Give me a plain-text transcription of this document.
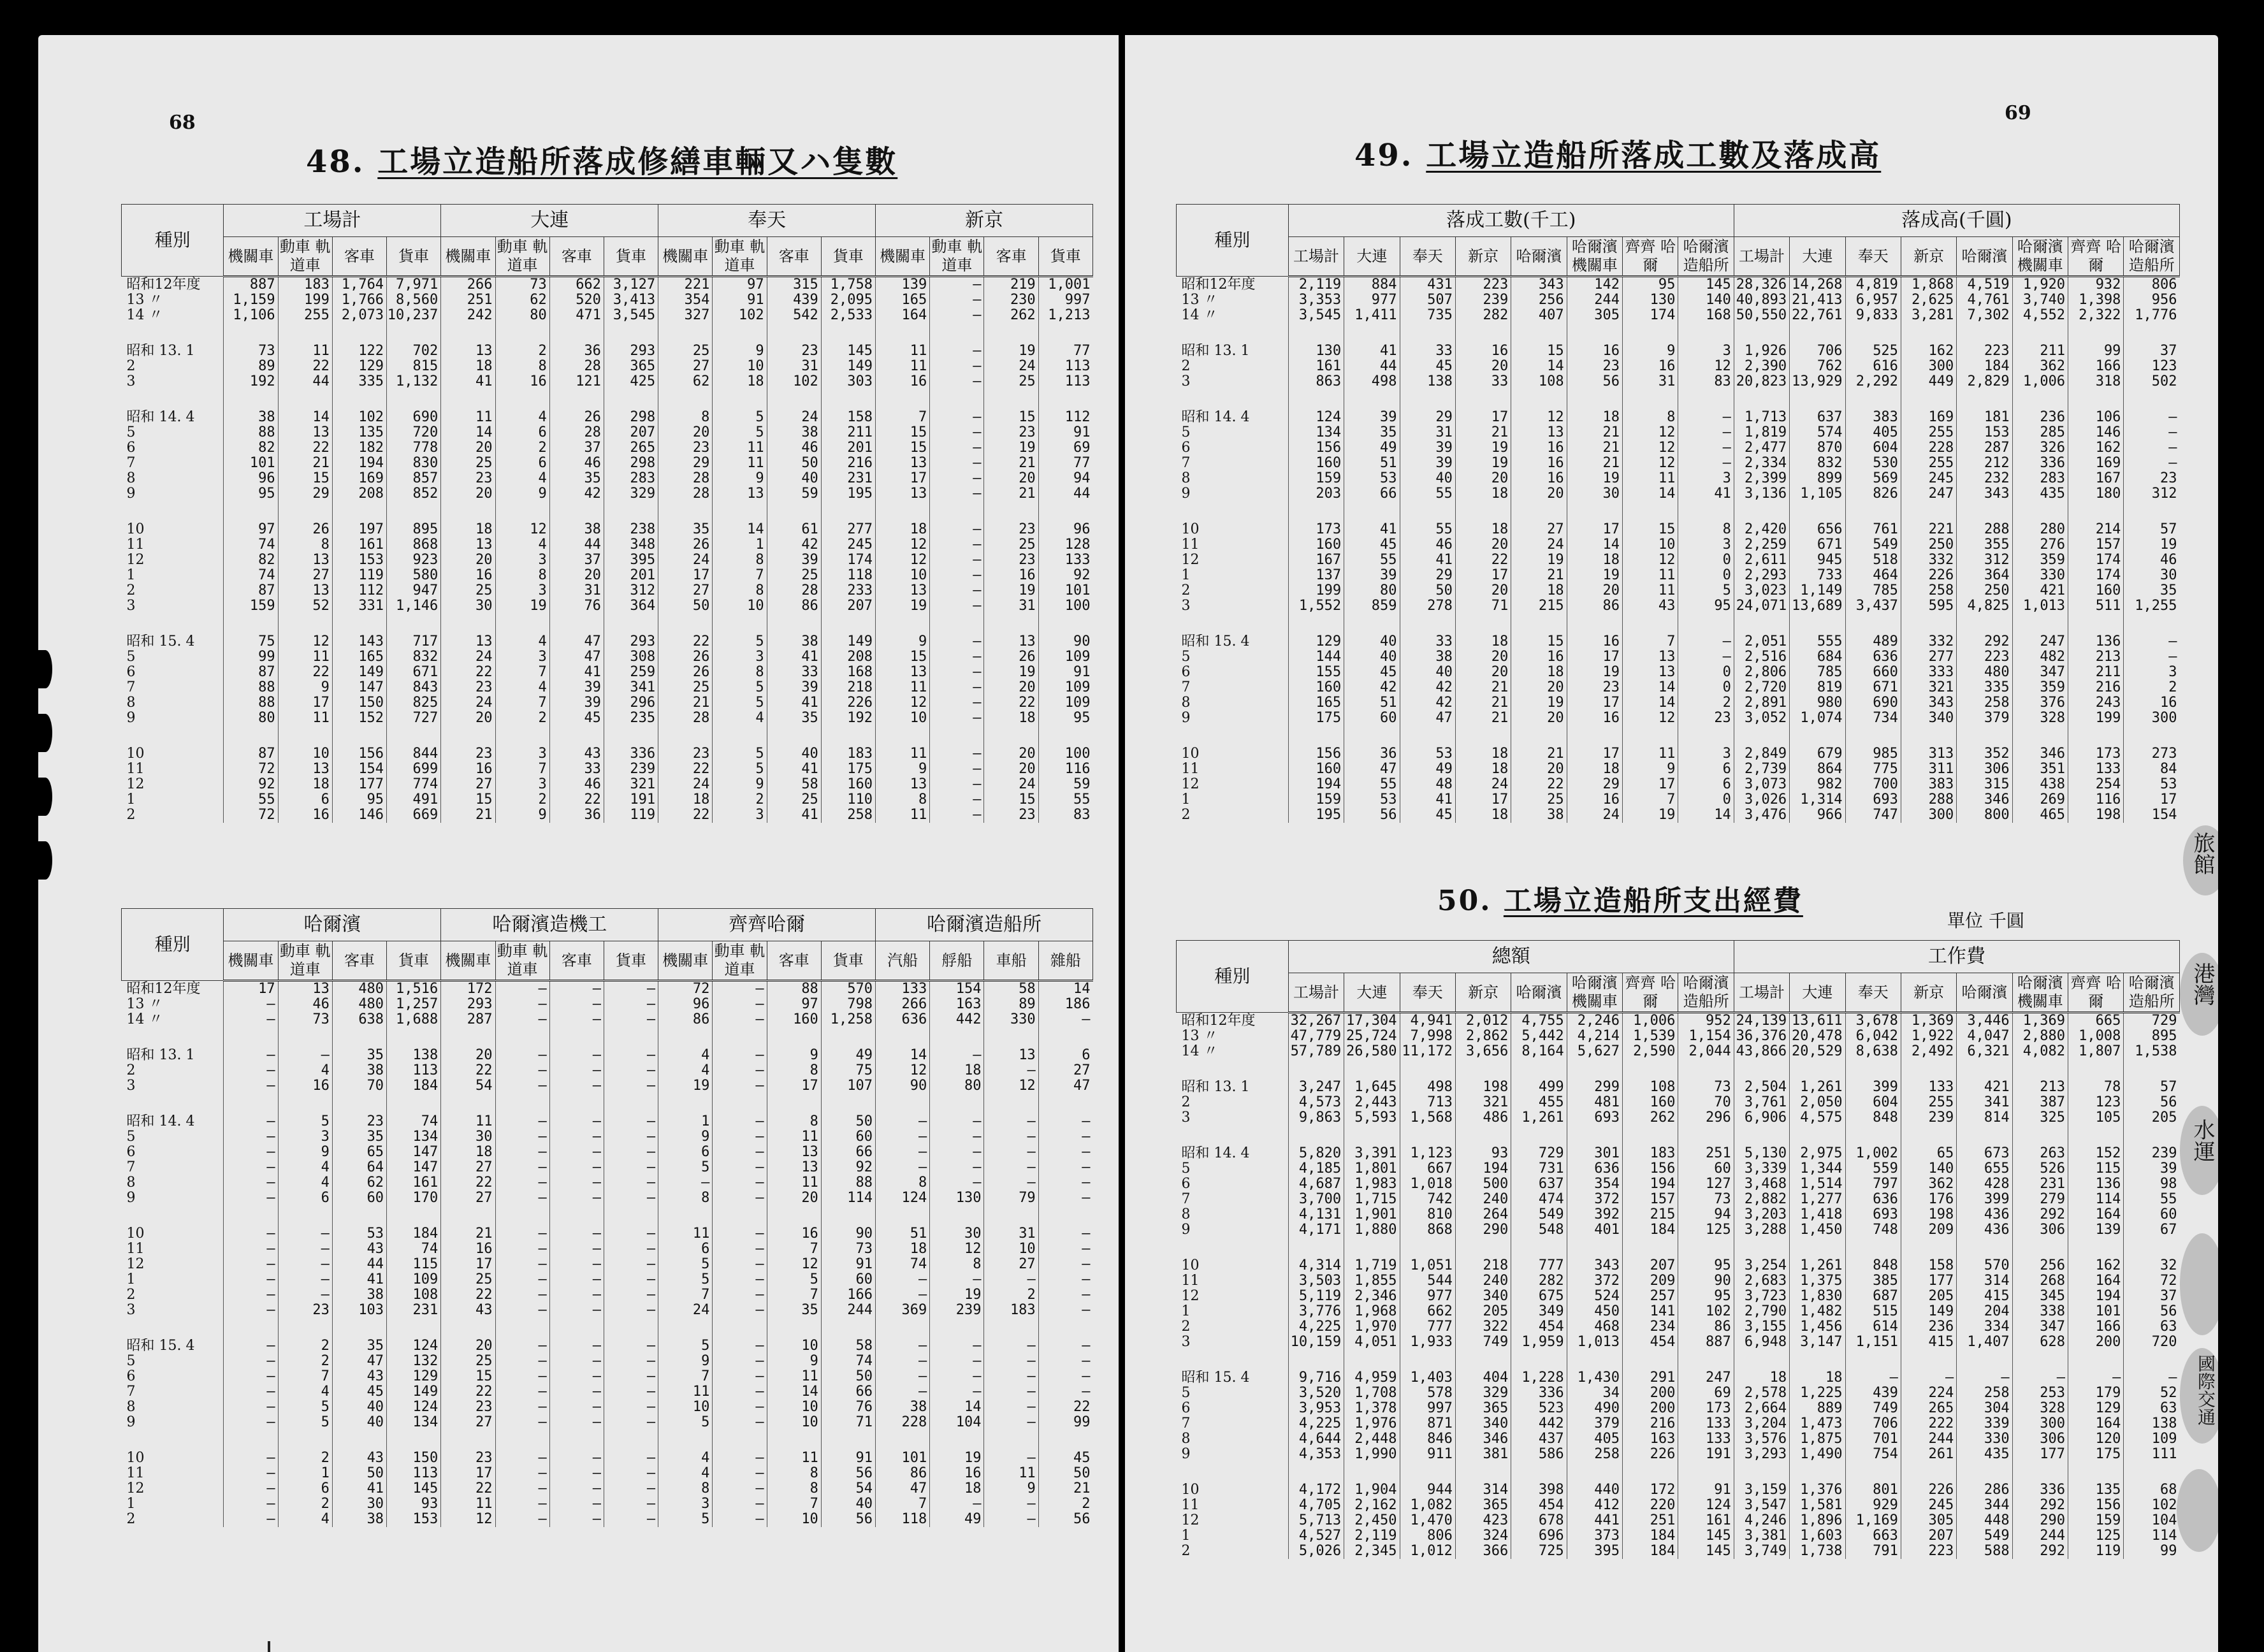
68
48. 工場立造船所落成修繕車輛又ハ隻數
種別	工場計				大連				奉天				新京			
	機關車	動車 軌道車	客車	貨車	機關車	動車 軌道車	客車	貨車	機關車	動車 軌道車	客車	貨車	機關車	動車 軌道車	客車	貨車
昭和12年度	887	183	1,764	7,971	266	73	662	3,127	221	97	315	1,758	139	—	219	1,001
13 〃	1,159	199	1,766	8,560	251	62	520	3,413	354	91	439	2,095	165	—	230	997
14 〃	1,106	255	2,073	10,237	242	80	471	3,545	327	102	542	2,533	164	—	262	1,213

昭和 13. 1	73	11	122	702	13	2	36	293	25	9	23	145	11	—	19	77
2	89	22	129	815	18	8	28	365	27	10	31	149	11	—	24	113
3	192	44	335	1,132	41	16	121	425	62	18	102	303	16	—	25	113

昭和 14. 4	38	14	102	690	11	4	26	298	8	5	24	158	7	—	15	112
5	88	13	135	720	14	6	28	207	20	5	38	211	15	—	23	91
6	82	22	182	778	20	2	37	265	23	11	46	201	15	—	19	69
7	101	21	194	830	25	6	46	298	29	11	50	216	13	—	21	77
8	96	15	169	857	23	4	35	283	28	9	40	231	17	—	20	94
9	95	29	208	852	20	9	42	329	28	13	59	195	13	—	21	44

10	97	26	197	895	18	12	38	238	35	14	61	277	18	—	23	96
11	74	8	161	868	13	4	44	348	26	1	42	245	12	—	25	128
12	82	13	153	923	20	3	37	395	24	8	39	174	12	—	23	133
1	74	27	119	580	16	8	20	201	17	7	25	118	10	—	16	92
2	87	13	112	947	25	3	31	312	27	8	28	233	13	—	19	101
3	159	52	331	1,146	30	19	76	364	50	10	86	207	19	—	31	100

昭和 15. 4	75	12	143	717	13	4	47	293	22	5	38	149	9	—	13	90
5	99	11	165	832	24	3	47	308	26	3	41	208	15	—	26	109
6	87	22	149	671	22	7	41	259	26	8	33	168	13	—	19	91
7	88	9	147	843	23	4	39	341	25	5	39	218	11	—	20	109
8	88	17	150	825	24	7	39	296	21	5	41	226	12	—	22	109
9	80	11	152	727	20	2	45	235	28	4	35	192	10	—	18	95

10	87	10	156	844	23	3	43	336	23	5	40	183	11	—	20	100
11	72	13	154	699	16	7	33	239	22	5	41	175	9	—	20	116
12	92	18	177	774	27	3	46	321	24	9	58	160	13	—	24	59
1	55	6	95	491	15	2	22	191	18	2	25	110	8	—	15	55
2	72	16	146	669	21	9	36	119	22	3	41	258	11	—	23	83
種別	哈爾濱				哈爾濱造機工				齊齊哈爾				哈爾濱造船所			
	機關車	動車 軌道車	客車	貨車	機關車	動車 軌道車	客車	貨車	機關車	動車 軌道車	客車	貨車	汽船	艀船	車船	雜船
昭和12年度	17	13	480	1,516	172	—	—	—	72	—	88	570	133	154	58	14
13 〃	—	46	480	1,257	293	—	—	—	96	—	97	798	266	163	89	186
14 〃	—	73	638	1,688	287	—	—	—	86	—	160	1,258	636	442	330	—

昭和 13. 1	—	—	35	138	20	—	—	—	4	—	9	49	14	—	13	6
2	—	4	38	113	22	—	—	—	4	—	8	75	12	18	—	27
3	—	16	70	184	54	—	—	—	19	—	17	107	90	80	12	47

昭和 14. 4	—	5	23	74	11	—	—	—	1	—	8	50	—	—	—	—
5	—	3	35	134	30	—	—	—	9	—	11	60	—	—	—	—
6	—	9	65	147	18	—	—	—	6	—	13	66	—	—	—	—
7	—	4	64	147	27	—	—	—	5	—	13	92	—	—	—	—
8	—	4	62	161	22	—	—	—	—	—	11	88	8	—	—	—
9	—	6	60	170	27	—	—	—	8	—	20	114	124	130	79	—

10	—	—	53	184	21	—	—	—	11	—	16	90	51	30	31	—
11	—	—	43	74	16	—	—	—	6	—	7	73	18	12	10	—
12	—	—	44	115	17	—	—	—	5	—	12	91	74	8	27	—
1	—	—	41	109	25	—	—	—	5	—	5	60	—	—	—	—
2	—	—	38	108	22	—	—	—	7	—	7	166	—	19	2	—
3	—	23	103	231	43	—	—	—	24	—	35	244	369	239	183	—

昭和 15. 4	—	2	35	124	20	—	—	—	5	—	10	58	—	—	—	—
5	—	2	47	132	25	—	—	—	9	—	9	74	—	—	—	—
6	—	7	43	129	15	—	—	—	7	—	11	50	—	—	—	—
7	—	4	45	149	22	—	—	—	11	—	14	66	—	—	—	—
8	—	5	40	124	23	—	—	—	10	—	10	76	38	14	—	22
9	—	5	40	134	27	—	—	—	5	—	10	71	228	104	—	99

10	—	2	43	150	23	—	—	—	4	—	11	91	101	19	—	45
11	—	1	50	113	17	—	—	—	4	—	8	56	86	16	11	50
12	—	6	41	145	22	—	—	—	8	—	8	54	47	18	9	21
1	—	2	30	93	11	—	—	—	3	—	7	40	7	—	—	2
2	—	4	38	153	12	—	—	—	5	—	10	56	118	49	—	56
69
49. 工場立造船所落成工數及落成高
種別	落成工數(千工)								落成高(千圓)							
	工場計	大連	奉天	新京	哈爾濱	哈爾濱 機關車	齊齊 哈爾	哈爾濱 造船所	工場計	大連	奉天	新京	哈爾濱	哈爾濱 機關車	齊齊 哈爾	哈爾濱 造船所
昭和12年度	2,119	884	431	223	343	142	95	145	28,326	14,268	4,819	1,868	4,519	1,920	932	806
13 〃	3,353	977	507	239	256	244	130	140	40,893	21,413	6,957	2,625	4,761	3,740	1,398	956
14 〃	3,545	1,411	735	282	407	305	174	168	50,550	22,761	9,833	3,281	7,302	4,552	2,322	1,776

昭和 13. 1	130	41	33	16	15	16	9	3	1,926	706	525	162	223	211	99	37
2	161	44	45	20	14	23	16	12	2,390	762	616	300	184	362	166	123
3	863	498	138	33	108	56	31	83	20,823	13,929	2,292	449	2,829	1,006	318	502

昭和 14. 4	124	39	29	17	12	18	8	—	1,713	637	383	169	181	236	106	—
5	134	35	31	21	13	21	12	—	1,819	574	405	255	153	285	146	—
6	156	49	39	19	16	21	12	—	2,477	870	604	228	287	326	162	—
7	160	51	39	19	16	21	12	—	2,334	832	530	255	212	336	169	—
8	159	53	40	20	16	19	11	3	2,399	899	569	245	232	283	167	23
9	203	66	55	18	20	30	14	41	3,136	1,105	826	247	343	435	180	312

10	173	41	55	18	27	17	15	8	2,420	656	761	221	288	280	214	57
11	160	45	46	20	24	14	10	3	2,259	671	549	250	355	276	157	19
12	167	55	41	22	19	18	12	0	2,611	945	518	332	312	359	174	46
1	137	39	29	17	21	19	11	0	2,293	733	464	226	364	330	174	30
2	199	80	50	20	18	20	11	5	3,023	1,149	785	258	250	421	160	35
3	1,552	859	278	71	215	86	43	95	24,071	13,689	3,437	595	4,825	1,013	511	1,255

昭和 15. 4	129	40	33	18	15	16	7	—	2,051	555	489	332	292	247	136	—
5	144	40	38	20	16	17	13	—	2,516	684	636	277	223	482	213	—
6	155	45	40	20	18	19	13	0	2,806	785	660	333	480	347	211	3
7	160	42	42	21	20	23	14	0	2,720	819	671	321	335	359	216	2
8	165	51	42	21	19	17	14	2	2,891	980	690	343	258	376	243	16
9	175	60	47	21	20	16	12	23	3,052	1,074	734	340	379	328	199	300

10	156	36	53	18	21	17	11	3	2,849	679	985	313	352	346	173	273
11	160	47	49	18	20	18	9	6	2,739	864	775	311	306	351	133	84
12	194	55	48	24	22	29	17	6	3,073	982	700	383	315	438	254	53
1	159	53	41	17	25	16	7	0	3,026	1,314	693	288	346	269	116	17
2	195	56	45	18	38	24	19	14	3,476	966	747	300	800	465	198	154
50. 工場立造船所支出經費
單位 千圓
種別	總額								工作費							
	工場計	大連	奉天	新京	哈爾濱	哈爾濱 機關車	齊齊 哈爾	哈爾濱 造船所	工場計	大連	奉天	新京	哈爾濱	哈爾濱 機關車	齊齊 哈爾	哈爾濱 造船所
昭和12年度	32,267	17,304	4,941	2,012	4,755	2,246	1,006	952	24,139	13,611	3,678	1,369	3,446	1,369	665	729
13 〃	47,779	25,724	7,998	2,862	5,442	4,214	1,539	1,154	36,376	20,478	6,042	1,922	4,047	2,880	1,008	895
14 〃	57,789	26,580	11,172	3,656	8,164	5,627	2,590	2,044	43,866	20,529	8,638	2,492	6,321	4,082	1,807	1,538

昭和 13. 1	3,247	1,645	498	198	499	299	108	73	2,504	1,261	399	133	421	213	78	57
2	4,573	2,443	713	321	455	481	160	70	3,761	2,050	604	255	341	387	123	56
3	9,863	5,593	1,568	486	1,261	693	262	296	6,906	4,575	848	239	814	325	105	205

昭和 14. 4	5,820	3,391	1,123	93	729	301	183	251	5,130	2,975	1,002	65	673	263	152	239
5	4,185	1,801	667	194	731	636	156	60	3,339	1,344	559	140	655	526	115	39
6	4,687	1,983	1,018	500	637	354	194	127	3,468	1,514	797	362	428	231	136	98
7	3,700	1,715	742	240	474	372	157	73	2,882	1,277	636	176	399	279	114	55
8	4,131	1,901	810	264	549	392	215	94	3,203	1,418	693	198	436	292	164	60
9	4,171	1,880	868	290	548	401	184	125	3,288	1,450	748	209	436	306	139	67

10	4,314	1,719	1,051	218	777	343	207	95	3,254	1,261	848	158	570	256	162	32
11	3,503	1,855	544	240	282	372	209	90	2,683	1,375	385	177	314	268	164	72
12	5,119	2,346	977	340	675	524	257	95	3,723	1,830	687	205	415	345	194	37
1	3,776	1,968	662	205	349	450	141	102	2,790	1,482	515	149	204	338	101	56
2	4,225	1,970	777	322	454	468	234	86	3,155	1,456	614	236	334	347	166	63
3	10,159	4,051	1,933	749	1,959	1,013	454	887	6,948	3,147	1,151	415	1,407	628	200	720

昭和 15. 4	9,716	4,959	1,403	404	1,228	1,430	291	247	18	18	—	—	—	—	—	—
5	3,520	1,708	578	329	336	34	200	69	2,578	1,225	439	224	258	253	179	52
6	3,953	1,378	997	365	523	490	200	173	2,664	889	749	265	304	328	129	63
7	4,225	1,976	871	340	442	379	216	133	3,204	1,473	706	222	339	300	164	138
8	4,644	2,448	846	346	437	405	163	133	3,576	1,875	701	244	330	306	120	109
9	4,353	1,990	911	381	586	258	226	191	3,293	1,490	754	261	435	177	175	111

10	4,172	1,904	944	314	398	440	172	91	3,159	1,376	801	226	286	336	135	68
11	4,705	2,162	1,082	365	454	412	220	124	3,547	1,581	929	245	344	292	156	102
12	5,713	2,450	1,470	423	678	441	251	161	4,246	1,896	1,169	305	448	290	159	104
1	4,527	2,119	806	324	696	373	184	145	3,381	1,603	663	207	549	244	125	114
2	5,026	2,345	1,012	366	725	395	184	145	3,749	1,738	791	223	588	292	119	99
旅館
港灣
水運
國際交通
